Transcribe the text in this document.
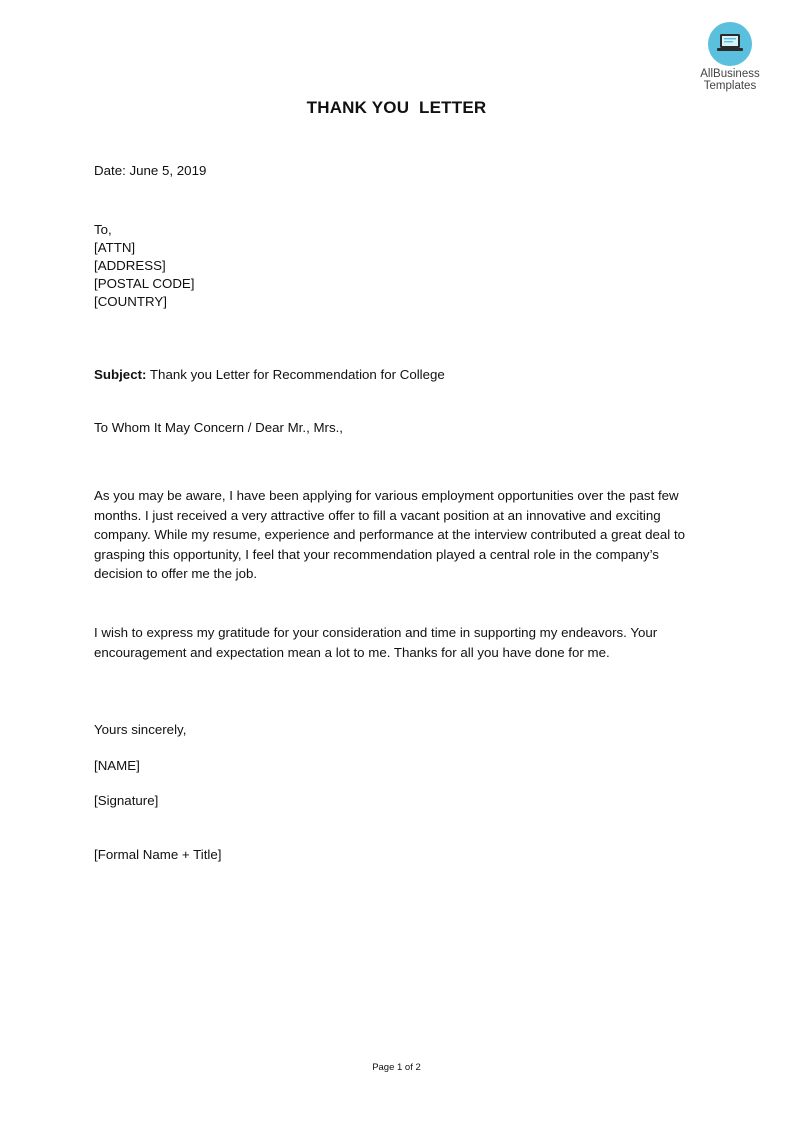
AllBusiness
Templates
THANK YOU  LETTER
Date: June 5, 2019
To,
[ATTN]
[ADDRESS]
[POSTAL CODE]
[COUNTRY]
Subject: Thank you Letter for Recommendation for College
To Whom It May Concern / Dear Mr., Mrs.,
As you may be aware, I have been applying for various employment opportunities over the past few months. I just received a very attractive offer to fill a vacant position at an innovative and exciting company. While my resume, experience and performance at the interview contributed a great deal to grasping this opportunity, I feel that your recommendation played a central role in the company’s decision to offer me the job.
I wish to express my gratitude for your consideration and time in supporting my endeavors. Your encouragement and expectation mean a lot to me. Thanks for all you have done for me.
Yours sincerely,
[NAME]
[Signature]
[Formal Name + Title]
Page 1 of 2
